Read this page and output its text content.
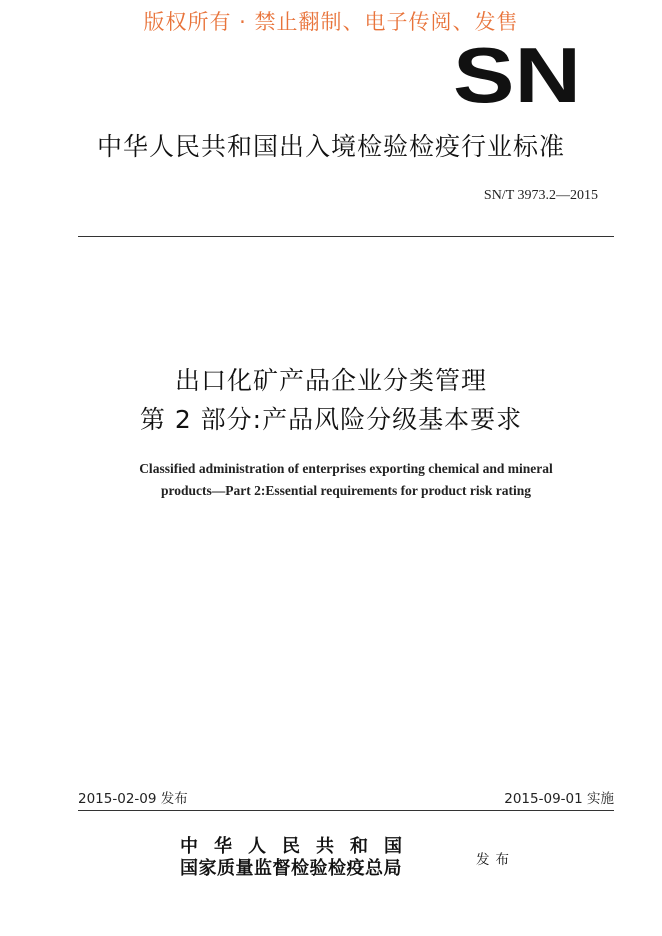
版权所有 · 禁止翻制、电子传阅、发售
SN
中华人民共和国出入境检验检疫行业标准
SN/T 3973.2—2015
出口化矿产品企业分类管理
第 2 部分:产品风险分级基本要求
Classified administration of enterprises exporting chemical and mineral
products—Part 2:Essential requirements for product risk rating
2015-02-09 发布	2015-09-01 实施
中华人民共和国
国家质量监督检验检疫总局	发布
